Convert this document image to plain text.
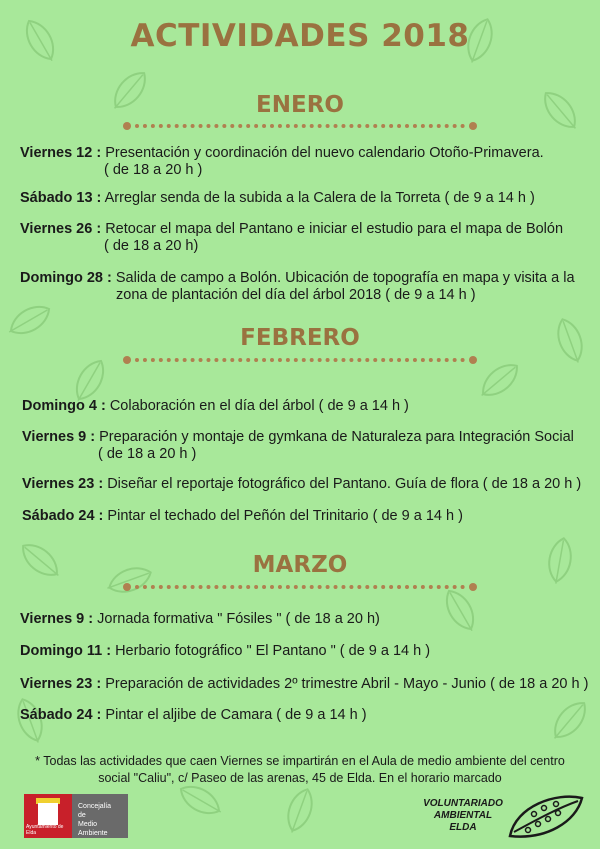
ACTIVIDADES 2018
ENERO
Viernes 12 : Presentación y coordinación del nuevo calendario Otoño-Primavera.
( de 18 a 20 h )
Sábado 13 : Arreglar senda de la subida a la Calera de la Torreta ( de 9 a 14 h )
Viernes 26 : Retocar el mapa del Pantano e iniciar el estudio para el mapa de Bolón
( de 18 a 20 h)
Domingo 28 : Salida de campo a Bolón. Ubicación de topografía en mapa y visita a la
zona de plantación del día del árbol 2018 ( de 9 a 14 h )
FEBRERO
Domingo 4 : Colaboración en el día del árbol ( de 9 a 14 h )
Viernes 9 : Preparación y montaje de gymkana de Naturaleza para Integración Social
( de 18 a 20 h )
Viernes 23 : Diseñar el reportaje fotográfico del Pantano. Guía de flora ( de 18 a 20 h )
Sábado 24 : Pintar el techado del Peñón del Trinitario ( de 9 a 14 h )
MARZO
Viernes 9 : Jornada formativa " Fósiles " ( de 18 a 20 h)
Domingo 11 : Herbario fotográfico " El Pantano " ( de 9 a 14 h )
Viernes 23 : Preparación de actividades 2º trimestre Abril - Mayo - Junio ( de 18 a 20 h )
Sábado 24 : Pintar el aljibe de Camara ( de 9 a 14 h )
* Todas las actividades que caen Viernes se impartirán en el Aula de medio ambiente del centro
social "Caliu", c/ Paseo de las arenas, 45 de Elda. En el horario marcado
Ayuntamiento de Elda
Concejalía
de
Medio Ambiente
VOLUNTARIADO
AMBIENTAL
ELDA
